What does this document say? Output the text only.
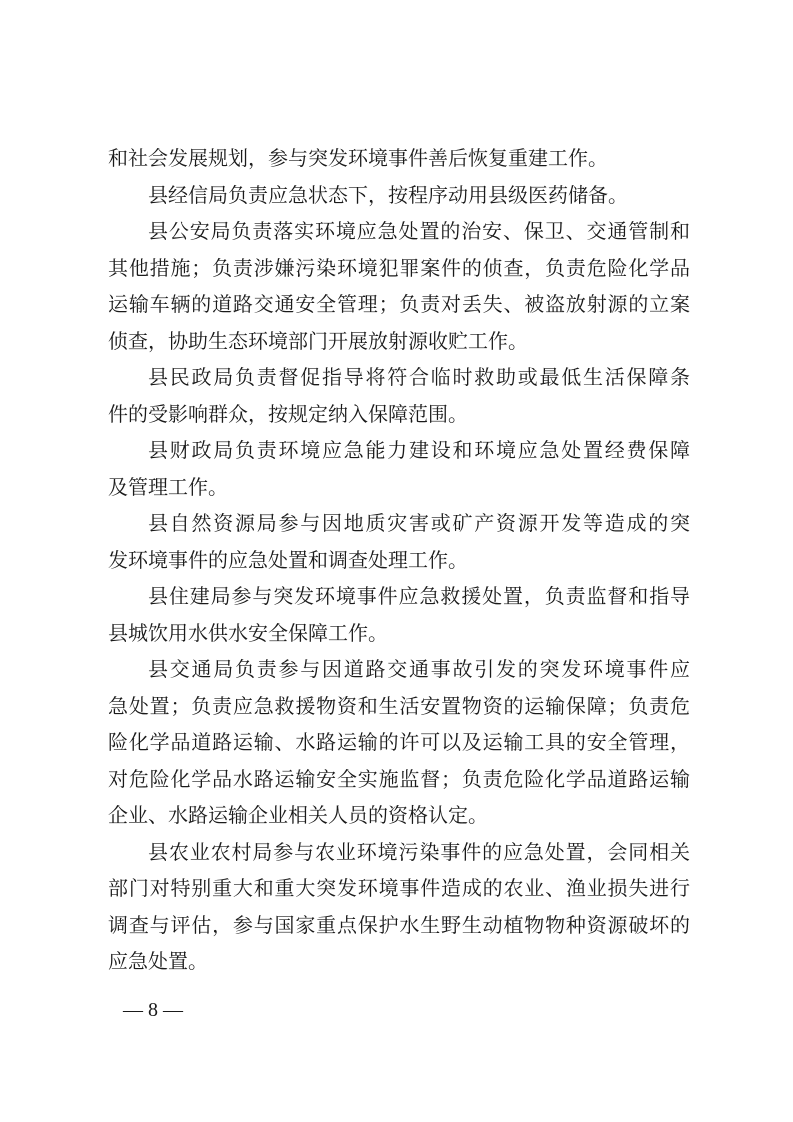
和社会发展规划，参与突发环境事件善后恢复重建工作。
县经信局负责应急状态下，按程序动用县级医药储备。
县公安局负责落实环境应急处置的治安、保卫、交通管制和
其他措施；负责涉嫌污染环境犯罪案件的侦查，负责危险化学品
运输车辆的道路交通安全管理；负责对丢失、被盗放射源的立案
侦查，协助生态环境部门开展放射源收贮工作。
县民政局负责督促指导将符合临时救助或最低生活保障条
件的受影响群众，按规定纳入保障范围。
县财政局负责环境应急能力建设和环境应急处置经费保障
及管理工作。
县自然资源局参与因地质灾害或矿产资源开发等造成的突
发环境事件的应急处置和调查处理工作。
县住建局参与突发环境事件应急救援处置，负责监督和指导
县城饮用水供水安全保障工作。
县交通局负责参与因道路交通事故引发的突发环境事件应
急处置；负责应急救援物资和生活安置物资的运输保障；负责危
险化学品道路运输、水路运输的许可以及运输工具的安全管理，
对危险化学品水路运输安全实施监督；负责危险化学品道路运输
企业、水路运输企业相关人员的资格认定。
县农业农村局参与农业环境污染事件的应急处置，会同相关
部门对特别重大和重大突发环境事件造成的农业、渔业损失进行
调查与评估，参与国家重点保护水生野生动植物物种资源破坏的
应急处置。
— 8 —
